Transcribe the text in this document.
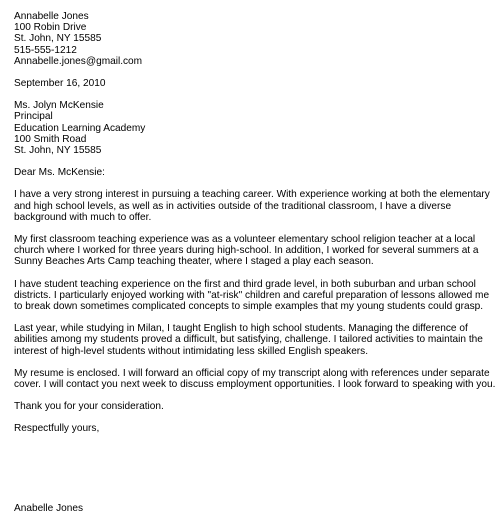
Annabelle Jones
100 Robin Drive
St. John, NY 15585
515-555-1212
Annabelle.jones@gmail.com
September 16, 2010
Ms. Jolyn McKensie
Principal
Education Learning Academy
100 Smith Road
St. John, NY 15585
Dear Ms. McKensie:
I have a very strong interest in pursuing a teaching career. With experience working at both the elementary
and high school levels, as well as in activities outside of the traditional classroom, I have a diverse
background with much to offer.
My first classroom teaching experience was as a volunteer elementary school religion teacher at a local
church where I worked for three years during high-school. In addition, I worked for several summers at a
Sunny Beaches Arts Camp teaching theater, where I staged a play each season.
I have student teaching experience on the first and third grade level, in both suburban and urban school
districts. I particularly enjoyed working with "at-risk" children and careful preparation of lessons allowed me
to break down sometimes complicated concepts to simple examples that my young students could grasp.
Last year, while studying in Milan, I taught English to high school students. Managing the difference of
abilities among my students proved a difficult, but satisfying, challenge. I tailored activities to maintain the
interest of high-level students without intimidating less skilled English speakers.
My resume is enclosed. I will forward an official copy of my transcript along with references under separate
cover. I will contact you next week to discuss employment opportunities. I look forward to speaking with you.
Thank you for your consideration.
Respectfully yours,
Anabelle Jones
